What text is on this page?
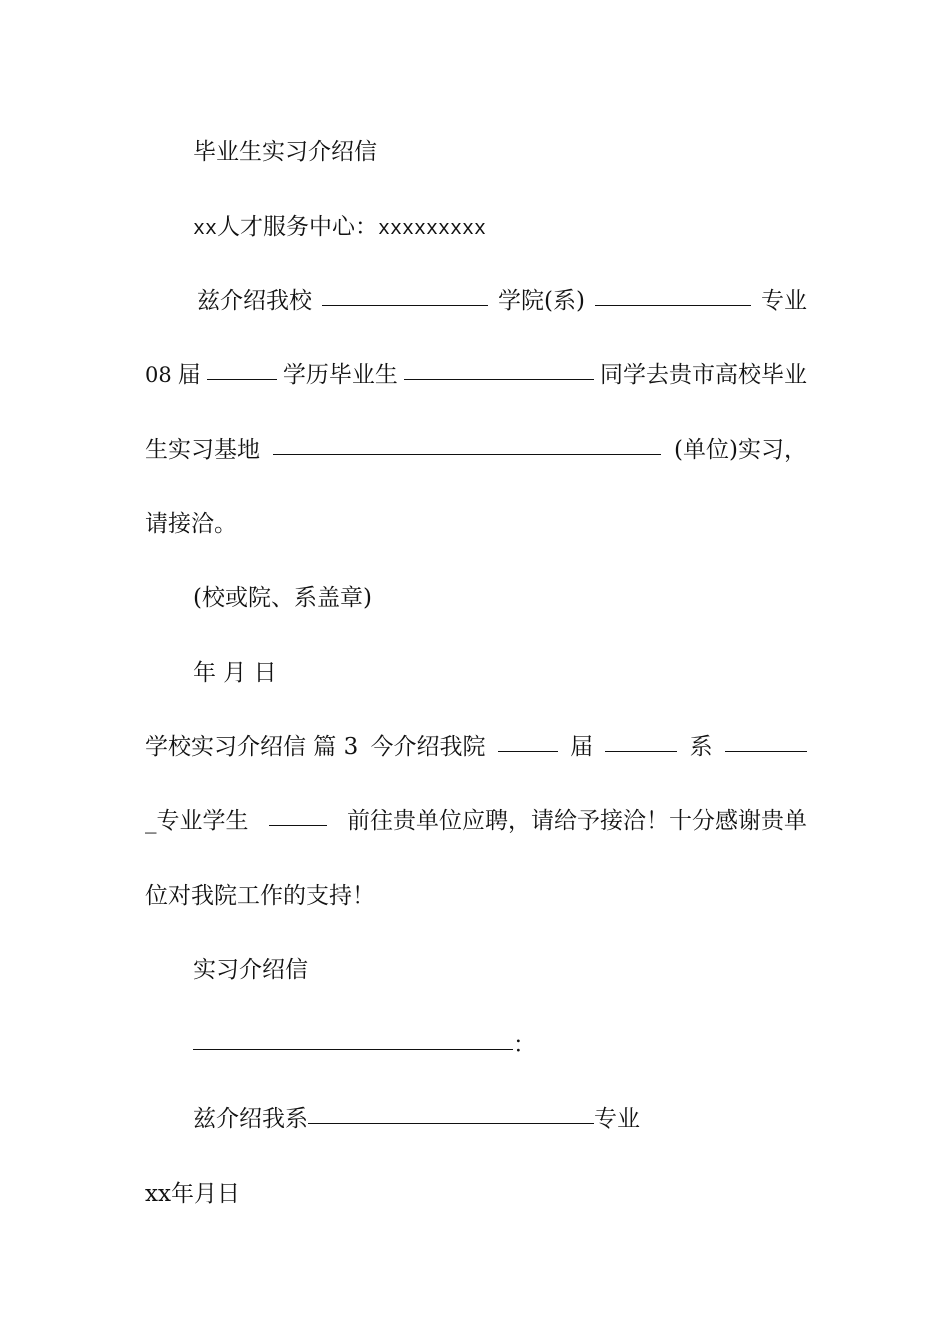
毕业生实习介绍信
xx人才服务中心：xxxxxxxxx
兹介绍我校	学院(系)	专业
08 届	学历毕业生	同学去贵市高校毕业
生实习基地	(单位)实习，
请接洽。
(校或院、系盖章)
年 月 日
学校实习介绍信 篇 3 今介绍我院	届	系
_专业学生	前往贵单位应聘，请给予接洽！十分感谢贵单
位对我院工作的支持！
实习介绍信
：
兹介绍我系	专业
xx年月日
